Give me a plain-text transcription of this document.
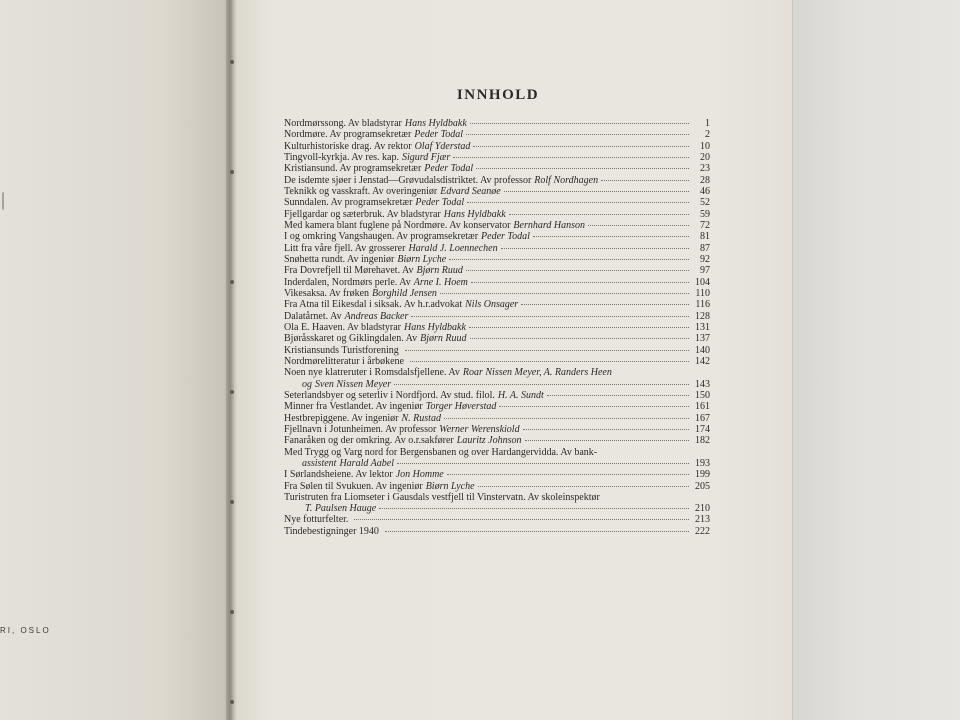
RI, OSLO
INNHOLD
Nordmørssong. Av bladstyrar Hans Hyldbakk	1
Nordmøre. Av programsekretær Peder Todal	2
Kulturhistoriske drag. Av rektor Olaf Yderstad	10
Tingvoll-kyrkja. Av res. kap. Sigurd Fjær	20
Kristiansund. Av programsekretær Peder Todal	23
De isdemte sjøer i Jenstad—Grøvudalsdistriktet. Av professor Rolf Nordhagen	28
Teknikk og vasskraft. Av overingeniør Edvard Seanøe	46
Sunndalen. Av programsekretær Peder Todal	52
Fjellgardar og sæterbruk. Av bladstyrar Hans Hyldbakk	59
Med kamera blant fuglene på Nordmøre. Av konservator Bernhard Hanson	72
I og omkring Vangshaugen. Av programsekretær Peder Todal	81
Litt fra våre fjell. Av grosserer Harald J. Loennechen	87
Snøhetta rundt. Av ingeniør Biørn Lyche	92
Fra Dovrefjell til Mørehavet. Av Bjørn Ruud	97
Inderdalen, Nordmørs perle. Av Arne I. Hoem	104
Vikesaksa. Av frøken Borghild Jensen	110
Fra Atna til Eikesdal i siksak. Av h.r.advokat Nils Onsager	116
Dalatårnet. Av Andreas Backer	128
Ola E. Haaven. Av bladstyrar Hans Hyldbakk	131
Bjøråsskaret og Giklingdalen. Av Bjørn Ruud	137
Kristiansunds Turistforening	140
Nordmørelitteratur i årbøkene	142
Noen nye klatreruter i Romsdalsfjellene. Av Roar Nissen Meyer, A. Randers Heen
og Sven Nissen Meyer	143
Seterlandsbyer og seterliv i Nordfjord. Av stud. filol. H. A. Sundt	150
Minner fra Vestlandet. Av ingeniør Torger Høverstad	161
Hestbrepiggene. Av ingeniør N. Rustad	167
Fjellnavn i Jotunheimen. Av professor Werner Werenskiold	174
Fanaråken og der omkring. Av o.r.sakfører Lauritz Johnson	182
Med Trygg og Varg nord for Bergensbanen og over Hardangervidda. Av bank-
assistent Harald Aabel	193
I Sørlandsheiene. Av lektor Jon Homme	199
Fra Sølen til Svukuen. Av ingeniør Biørn Lyche	205
Turistruten fra Liomseter i Gausdals vestfjell til Vinstervatn. Av skoleinspektør
T. Paulsen Hauge	210
Nye fotturfelter.	213
Tindebestigninger 1940	222
